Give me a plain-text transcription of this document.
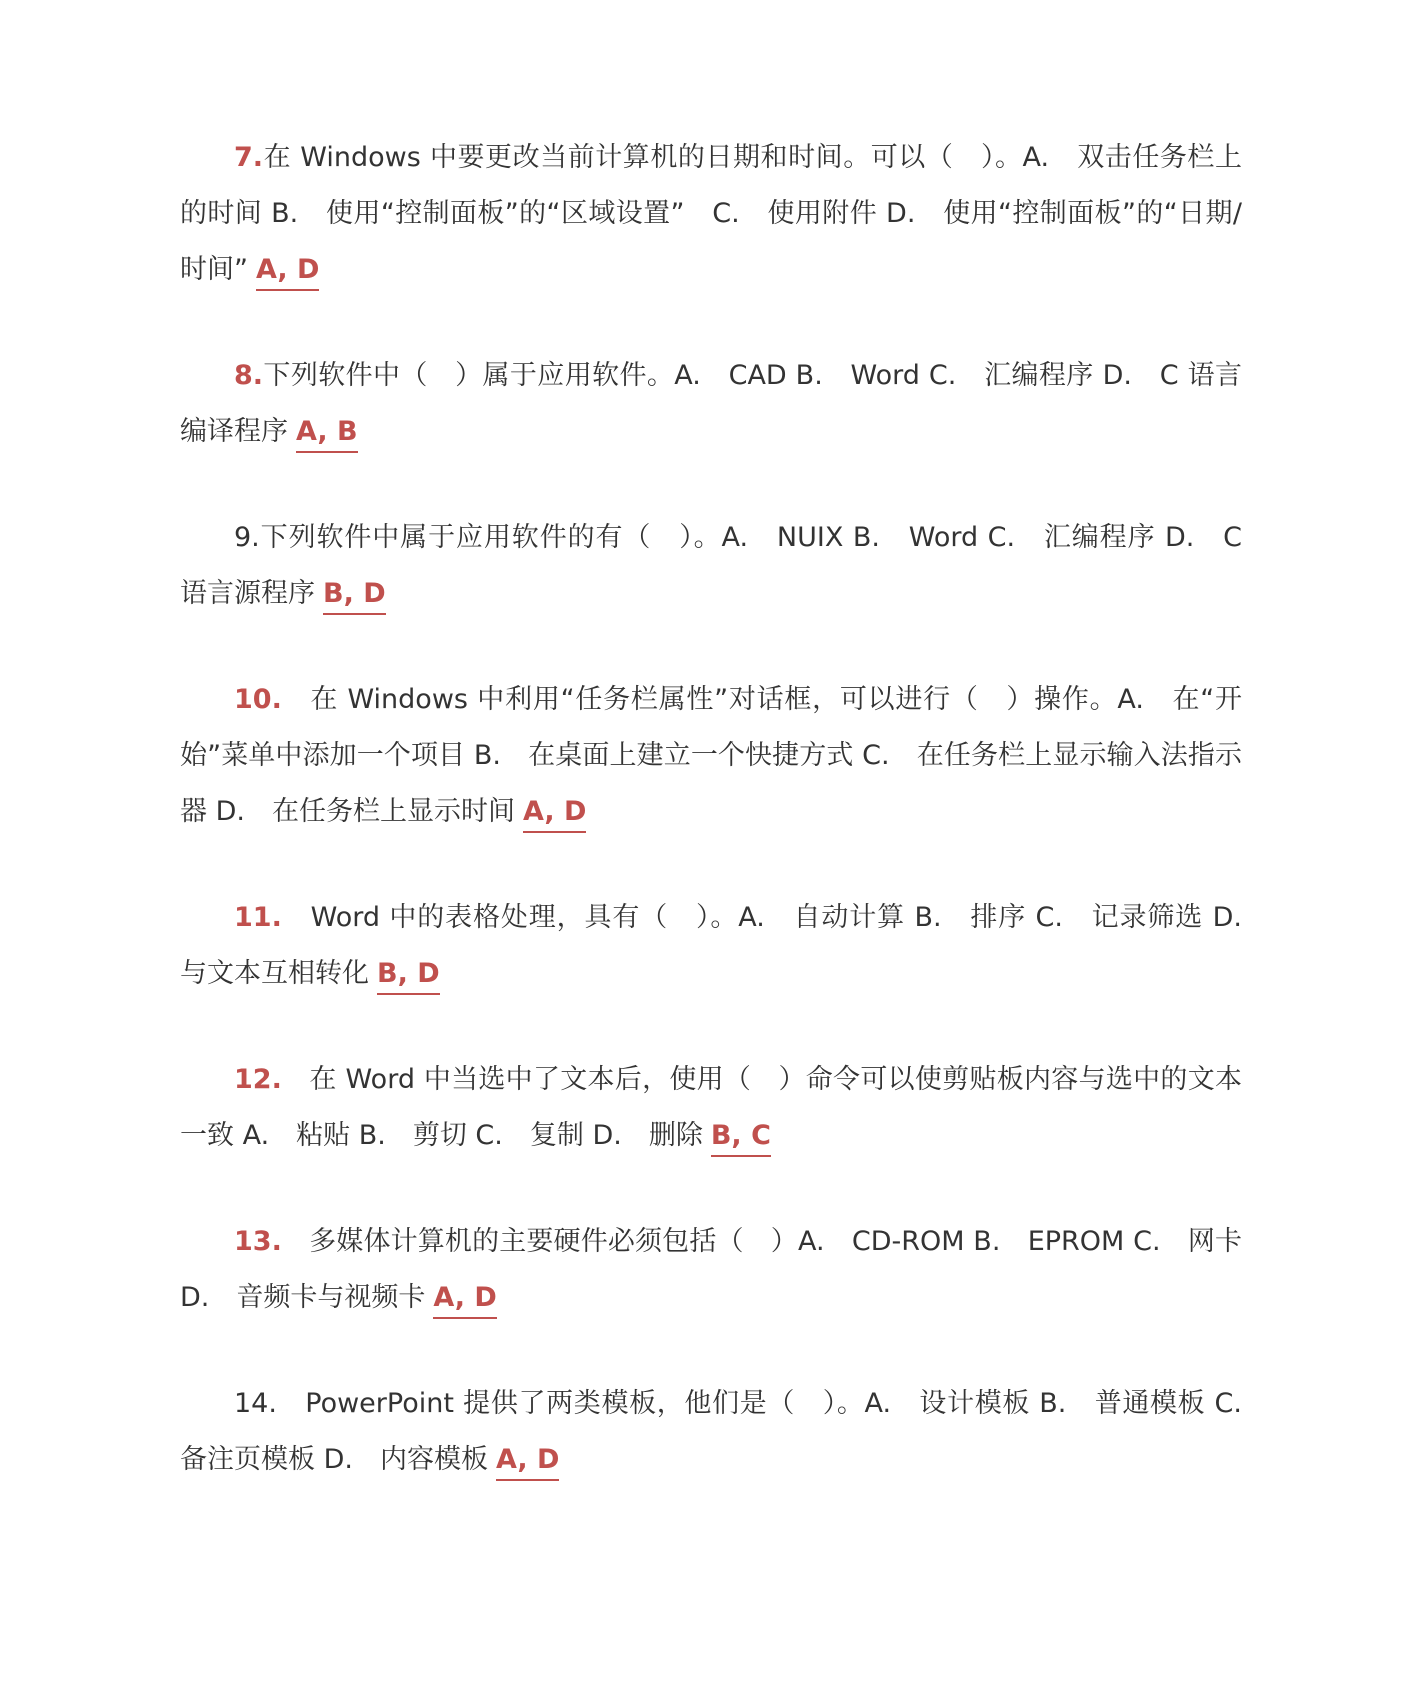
7.在 Windows 中要更改当前计算机的日期和时间。可以（　）。A.　双击任务栏上的时间 B.　使用“控制面板”的“区域设置”　C.　使用附件 D.　使用“控制面板”的“日期/时间” A, D

8.下列软件中（　）属于应用软件。A.　CAD B.　Word C.　汇编程序 D.　C 语言编译程序 A, B

9.下列软件中属于应用软件的有（　）。A.　NUIX B.　Word C.　汇编程序 D.　C 语言源程序 B, D

10.　在 Windows 中利用“任务栏属性”对话框，可以进行（　）操作。A.　在“开始”菜单中添加一个项目 B.　在桌面上建立一个快捷方式 C.　在任务栏上显示输入法指示器 D.　在任务栏上显示时间 A, D

11.　Word 中的表格处理，具有（　）。A.　自动计算 B.　排序 C.　记录筛选 D.　与文本互相转化 B, D

12.　在 Word 中当选中了文本后，使用（　）命令可以使剪贴板内容与选中的文本一致 A.　粘贴 B.　剪切 C.　复制 D.　删除 B, C

13.　多媒体计算机的主要硬件必须包括（　）A.　CD-ROM B.　EPROM C.　网卡 D.　音频卡与视频卡 A, D

14.　PowerPoint 提供了两类模板，他们是（　）。A.　设计模板 B.　普通模板 C.　备注页模板 D.　内容模板 A, D
